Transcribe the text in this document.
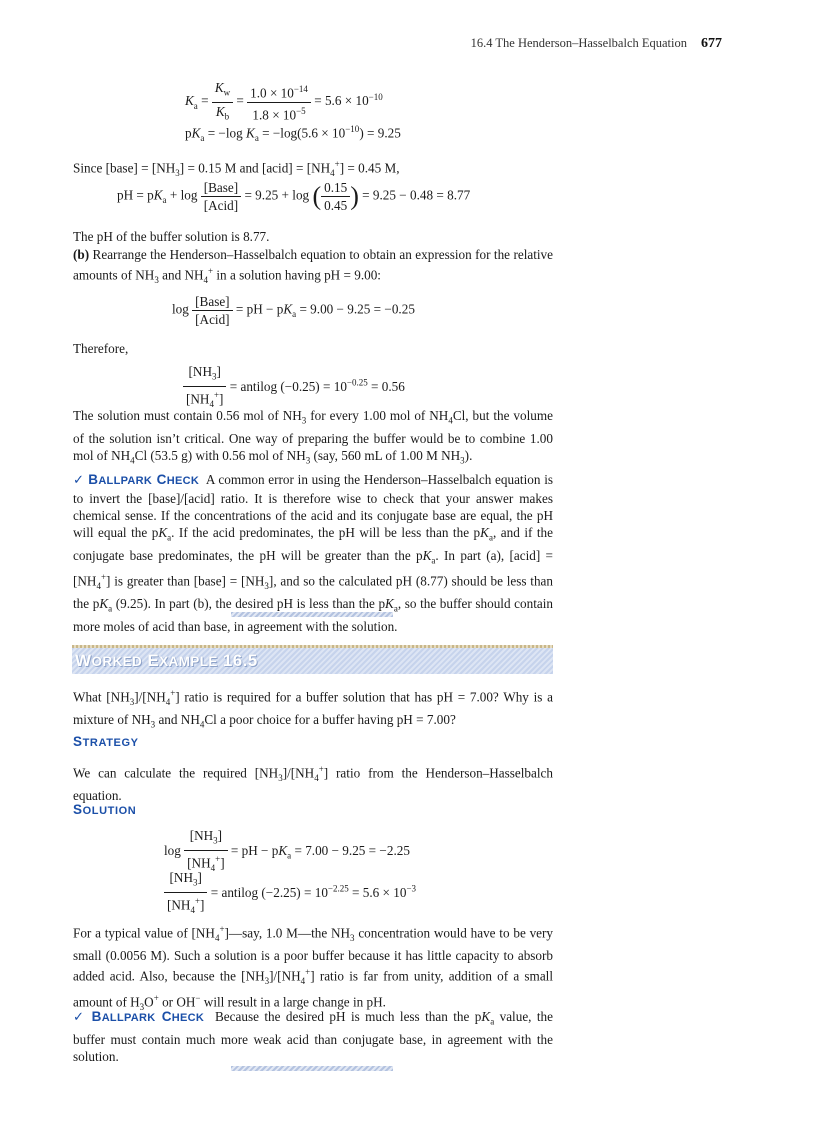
16.4 The Henderson–Hasselbalch Equation 677
$K_a = \frac{K_w}{K_b} = \frac{1.0 \times 10^{-14}}{1.8 \times 10^{-5}} = 5.6 \times 10^{-10}$
$pK_a = -\log$ $K_a = -\log(5.6 \times 10^{-10}) = 9.25$
Since [base] = $[NH_3] = 0.15$ M and [acid] = $[NH_4^+] = 0.45$ M,
pH = $pK_a + \log \frac{\text{[Base]}}{\text{[Acid]}} = 9.25 + \log$ ( $\frac{0.15}{0.45}$ ) = 9.25 − 0.48 = 8.77
The pH of the buffer solution is 8.77.
(b) Rearrange the Henderson–Hasselbalch equation to obtain an expression for the relative amounts of $NH_3$ and $NH_4^+$ in a solution having pH = 9.00:
$\log \frac{\text{[Base]}}{\text{[Acid]}}$ = pH − $pK_a = 9.00 - 9.25 = -0.25$
Therefore,
$\frac{[NH_3]}{[NH_4^+]}$ = antilog $(-0.25) = 10^{-0.25} = 0.56$
The solution must contain 0.56 mol of $NH_3$ for every 1.00 mol of $NH_4Cl$, but the volume of the solution isn’t critical. One way of preparing the buffer would be to combine 1.00 mol of $NH_4Cl$ (53.5 g) with 0.56 mol of $NH_3$ (say, 560 mL of 1.00 M $NH_3$).
✓ BALLPARK CHECK  A common error in using the Henderson–Hasselbalch equation is to invert the [base]/[acid] ratio. It is therefore wise to check that your answer makes chemical sense. If the concentrations of the acid and its conjugate base are equal, the pH will equal the $pK_a$. If the acid predominates, the pH will be less than the $pK_a$, and if the conjugate base predominates, the pH will be greater than the $pK_a$. In part (a), [acid] = $[NH_4^+]$ is greater than [base] = $[NH_3]$, and so the calculated pH (8.77) should be less than the $pK_a$ (9.25). In part (b), the desired pH is less than the $pK_a$, so the buffer should contain more moles of acid than base, in agreement with the solution.
WORKED EXAMPLE 16.5
What $[NH_3]/[NH_4^+]$ ratio is required for a buffer solution that has pH = 7.00? Why is a mixture of $NH_3$ and $NH_4Cl$ a poor choice for a buffer having pH = 7.00?
STRATEGY
We can calculate the required $[NH_3]/[NH_4^+]$ ratio from the Henderson–Hasselbalch equation.
SOLUTION
$\log \frac{[NH_3]}{[NH_4^+]}$ = pH − $pK_a = 7.00 - 9.25 = -2.25$
$\frac{[NH_3]}{[NH_4^+]}$ = antilog $(-2.25) = 10^{-2.25} = 5.6 \times 10^{-3}$
For a typical value of $[NH_4^+]—say$, 1.0 M—the $NH_3$ concentration would have to be very small (0.0056 M). Such a solution is a poor buffer because it has little capacity to absorb added acid. Also, because the $[NH_3]/[NH_4^+]$ ratio is far from unity, addition of a small amount of $H_3O^+$ or OH− will result in a large change in pH.
✓ BALLPARK CHECK  Because the desired pH is much less than the $pK_a$ value, the buffer must contain much more weak acid than conjugate base, in agreement with the solution.
